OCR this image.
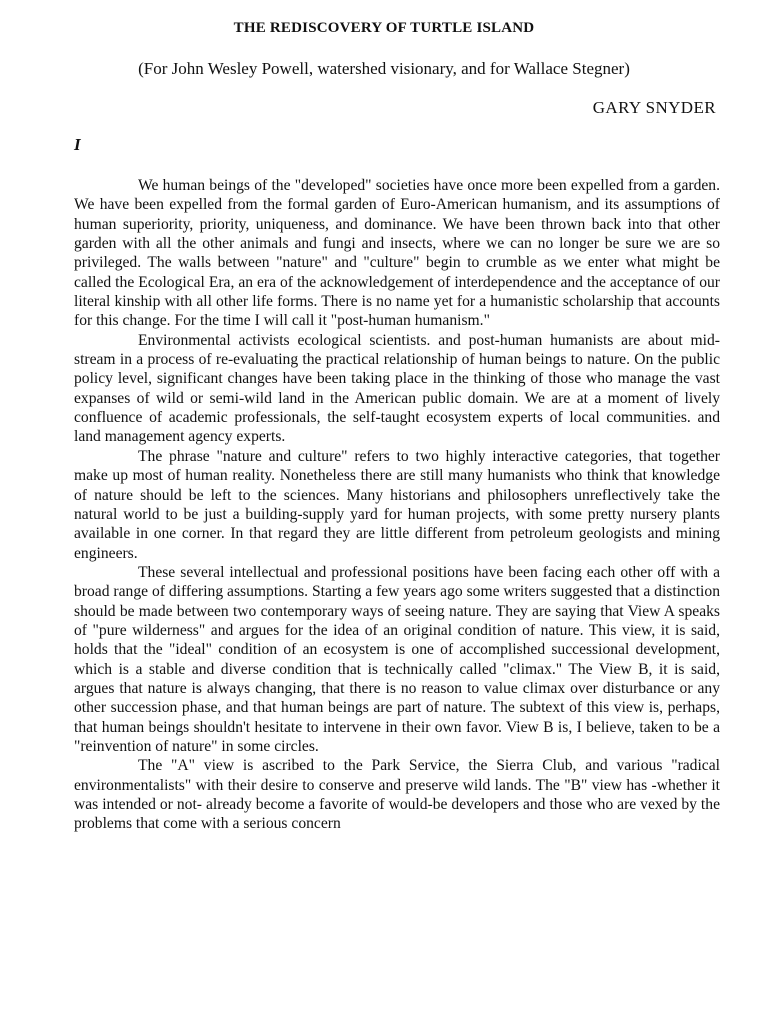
THE REDISCOVERY OF TURTLE ISLAND
(For John Wesley Powell, watershed visionary, and for Wallace Stegner)
GARY SNYDER
I

We human beings of the "developed" societies have once more been expelled from a garden. We have been expelled from the formal garden of Euro-American humanism, and its assumptions of human superiority, priority, uniqueness, and dominance. We have been thrown back into that other garden with all the other animals and fungi and insects, where we can no longer be sure we are so privileged. The walls between "nature" and "culture" begin to crumble as we enter what might be called the Ecological Era, an era of the acknowledgement of interdependence and the acceptance of our literal kinship with all other life forms. There is no name yet for a humanistic scholarship that accounts for this change. For the time I will call it "post-human humanism."

Environmental activists ecological scientists. and post-human humanists are about mid-stream in a process of re-evaluating the practical relationship of human beings to nature. On the public policy level, significant changes have been taking place in the thinking of those who manage the vast expanses of wild or semi-wild land in the American public domain. We are at a moment of lively confluence of academic professionals, the self-taught ecosystem experts of local communities. and land management agency experts.

The phrase "nature and culture" refers to two highly interactive categories, that together make up most of human reality. Nonetheless there are still many humanists who think that knowledge of nature should be left to the sciences. Many historians and philosophers unreflectively take the natural world to be just a building-supply yard for human projects, with some pretty nursery plants available in one corner. In that regard they are little different from petroleum geologists and mining engineers.

These several intellectual and professional positions have been facing each other off with a broad range of differing assumptions. Starting a few years ago some writers suggested that a distinction should be made between two contemporary ways of seeing nature. They are saying that View A speaks of "pure wilderness" and argues for the idea of an original condition of nature. This view, it is said, holds that the "ideal" condition of an ecosystem is one of accomplished successional development, which is a stable and diverse condition that is technically called "climax." The View B, it is said, argues that nature is always changing, that there is no reason to value climax over disturbance or any other succession phase, and that human beings are part of nature. The subtext of this view is, perhaps, that human beings shouldn't hesitate to intervene in their own favor. View B is, I believe, taken to be a "reinvention of nature" in some circles.

The "A" view is ascribed to the Park Service, the Sierra Club, and various "radical environmentalists" with their desire to conserve and preserve wild lands. The "B" view has -whether it was intended or not- already become a favorite of would-be developers and those who are vexed by the problems that come with a serious concern
